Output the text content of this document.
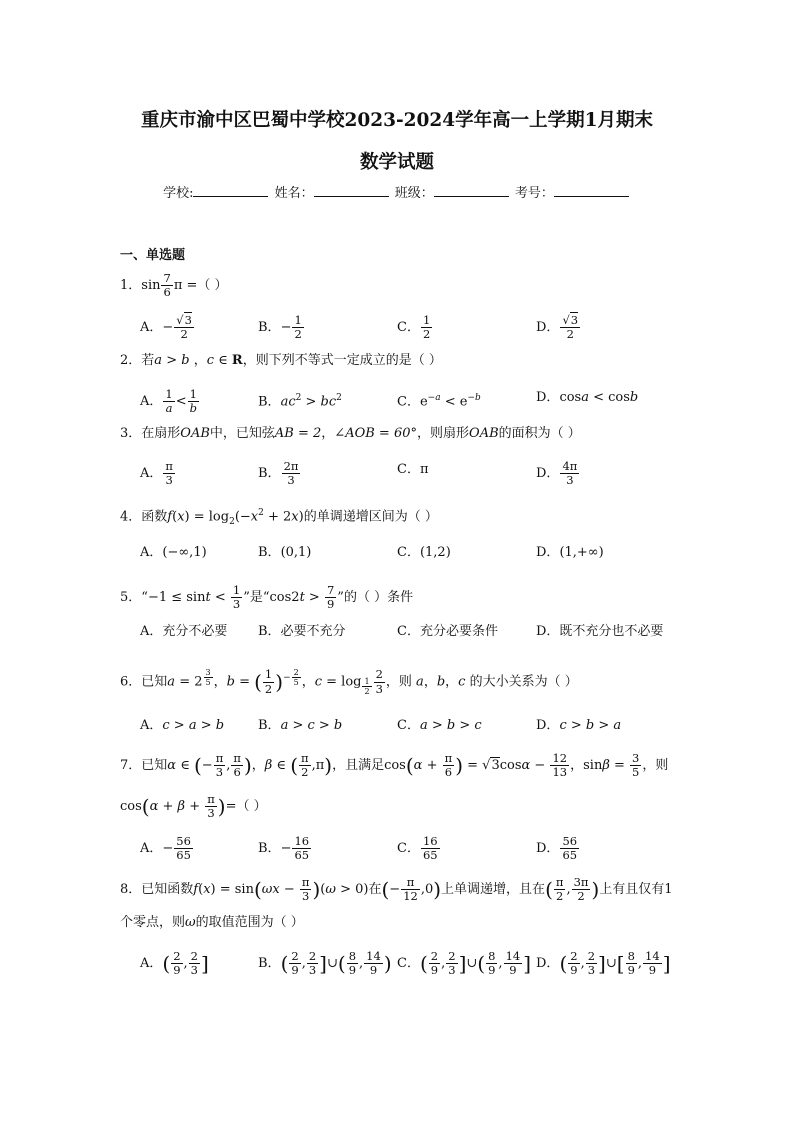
重庆市渝中区巴蜀中学校2023-2024学年高一上学期1月期末
数学试题
学校:	姓名：	班级：	考号：
一、单选题
1．$\sin \frac{7}{6}$ π =（ ）
A．− $\frac{√3}{2}$	B．− $\frac{1}{2}$	C． $\frac{1}{2}$	D． $\frac{√3}{2}$
2．若a > b ，c ∈ R，则下列不等式一定成立的是（ ）
A． $\frac{1}{a} < \frac{1}{b}$	B．$ac^2 > bc^2$	C．$e^{-a} < e^{-b}$	D．cosa < cosb
3．在扇形OAB中，已知弦AB = 2，∠AOB = 60°，则扇形OAB的面积为（ ）
A． $\frac{\pi}{3}$	B． $\frac{2\pi}{3}$	C．π	D． $\frac{4\pi}{3}$
4．函数$f(x) = \log_2(-x^2 + 2x)$的单调递增区间为（ ）
A．(−∞,1)	B．(0,1)	C．(1,2)	D．(1,+∞)
5．“$-1 \le \sin t < \frac{1}{3}$ ”是“$\cos 2t > \frac{7}{9}$ ”的（ ）条件
A．充分不必要 B．必要不充分	C．充分必要条件	D．既不充分也不必要
6．已知a = 2 $^{\frac{3}{5}}$ ，b = ( $\frac{1}{2} )^{- \frac{2}{5}}$ ，$c = \log _{\frac{1}{2}} \frac{2}{3}$ ，则 a，b，c 的大小关系为（ ）
A．c > a > b	B．a > c > b	C．a > b > c	D．c > b > a
7．已知α ∈ (− $\frac{\pi}{3}$ , $\frac{\pi}{6}$ )，β ∈ ( $\frac{\pi}{2} ,\pi$)，且满足$\cos(\alpha + \frac{\pi}{6}$ ) = $√3\cos\alpha - \frac{12}{13}$ ，$\sin\beta = \frac{3}{5}$ ，则
$\cos(\alpha + \beta + \frac{\pi}{3}$ )=（ ）
A．− $\frac{56}{65}$	B．− $\frac{16}{65}$	C． $\frac{16}{65}$	D． $\frac{56}{65}$
8．已知函数$f(x) = \sin(\omega x - \frac{\pi}{3} )(\omega > 0)$在(− $\frac{\pi}{12} ,0$)上单调递增，且在( $\frac{\pi}{2}$ , $\frac{3\pi}{2}$ )上有且仅有1
个零点，则ω的取值范围为（ ）
A．( $\frac{2}{9}$ , $\frac{2}{3}$ ]	B．( $\frac{2}{9}$ , $\frac{2}{3}$ ]∪( $\frac{8}{9}$ , $\frac{14}{9}$ ) C．( $\frac{2}{9}$ , $\frac{2}{3}$ ]∪( $\frac{8}{9}$ , $\frac{14}{9}$ ] D．( $\frac{2}{9}$ , $\frac{2}{3}$ ]∪[ $\frac{8}{9}$ , $\frac{14}{9}$ ]
